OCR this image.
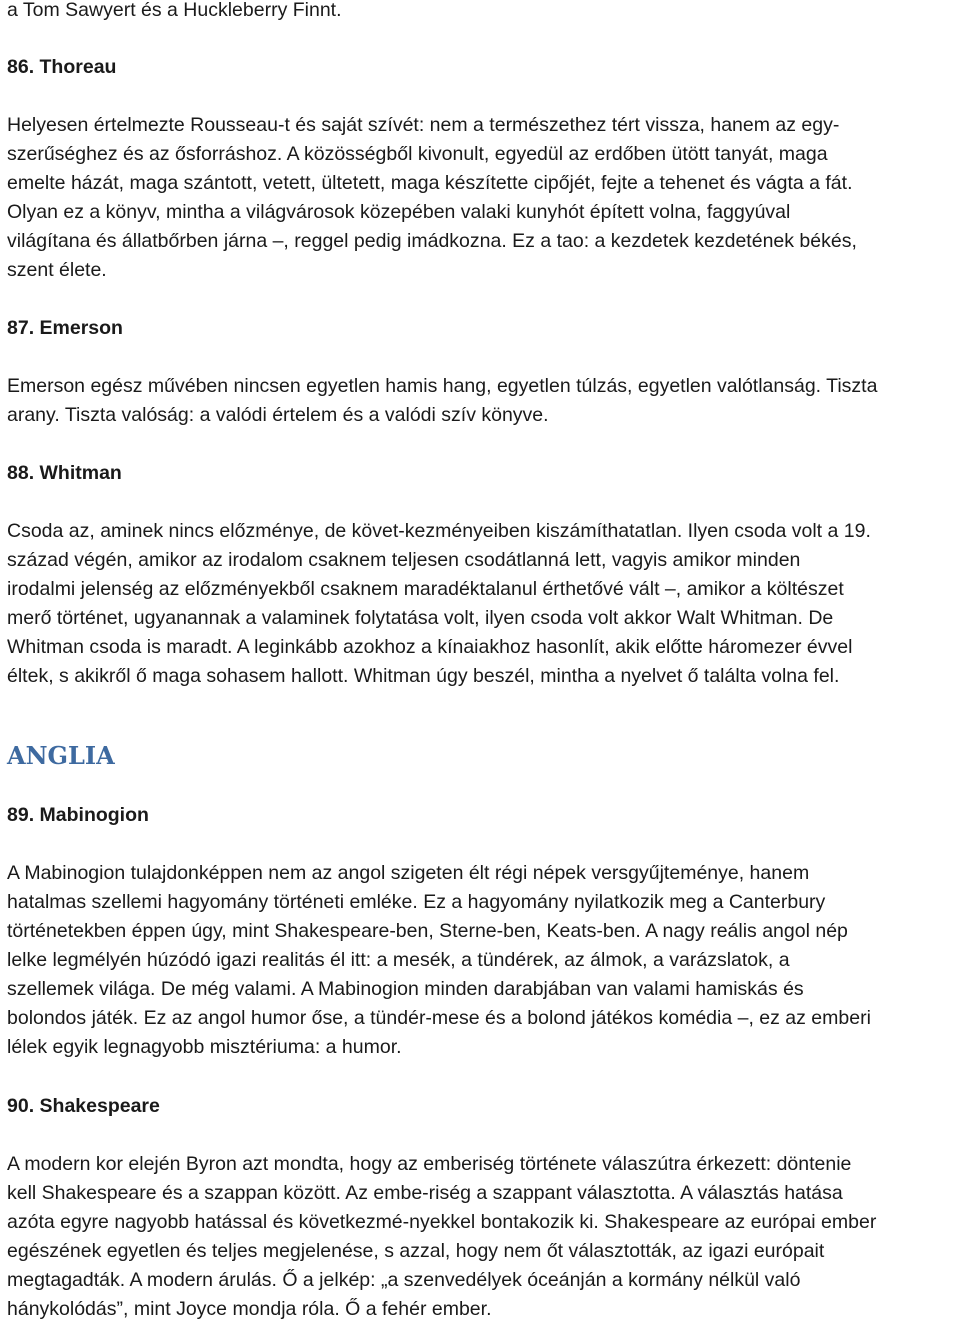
a Tom Sawyert és a Huckleberry Finnt.
86. Thoreau
Helyesen értelmezte Rousseau-t és saját szívét: nem a természethez tért vissza, hanem az egy-
szerűséghez és az ősforráshoz. A közösségből kivonult, egyedül az erdőben ütött tanyát, maga
emelte házát, maga szántott, vetett, ültetett, maga készítette cipőjét, fejte a tehenet és vágta a fát.
Olyan ez a könyv, mintha a világvárosok közepében valaki kunyhót épített volna, faggyúval
világítana és állatbőrben járna –, reggel pedig imádkozna. Ez a tao: a kezdetek kezdetének békés,
szent élete.
87. Emerson
Emerson egész művében nincsen egyetlen hamis hang, egyetlen túlzás, egyetlen valótlanság. Tiszta
arany. Tiszta valóság: a valódi értelem és a valódi szív könyve.
88. Whitman
Csoda az, aminek nincs előzménye, de követ-kezményeiben kiszámíthatatlan. Ilyen csoda volt a 19.
század végén, amikor az irodalom csaknem teljesen csodátlanná lett, vagyis amikor minden
irodalmi jelenség az előzményekből csaknem maradéktalanul érthetővé vált –, amikor a költészet
merő történet, ugyanannak a valaminek folytatása volt, ilyen csoda volt akkor Walt Whitman. De
Whitman csoda is maradt. A leginkább azokhoz a kínaiakhoz hasonlít, akik előtte háromezer évvel
éltek, s akikről ő maga sohasem hallott. Whitman úgy beszél, mintha a nyelvet ő találta volna fel.
ANGLIA
89. Mabinogion
A Mabinogion tulajdonképpen nem az angol szigeten élt régi népek versgyűjteménye, hanem
hatalmas szellemi hagyomány történeti emléke. Ez a hagyomány nyilatkozik meg a Canterbury
történetekben éppen úgy, mint Shakespeare-ben, Sterne-ben, Keats-ben. A nagy reális angol nép
lelke legmélyén húzódó igazi realitás él itt: a mesék, a tündérek, az álmok, a varázslatok, a
szellemek világa. De még valami. A Mabinogion minden darabjában van valami hamiskás és
bolondos játék. Ez az angol humor őse, a tündér-mese és a bolond játékos komédia –, ez az emberi
lélek egyik legnagyobb misztériuma: a humor.
90. Shakespeare
A modern kor elején Byron azt mondta, hogy az emberiség története válaszútra érkezett: döntenie
kell Shakespeare és a szappan között. Az embe-riség a szappant választotta. A választás hatása
azóta egyre nagyobb hatással és következmé-nyekkel bontakozik ki. Shakespeare az európai ember
egészének egyetlen és teljes megjelenése, s azzal, hogy nem őt választották, az igazi európait
megtagadták. A modern árulás. Ő a jelkép: „a szenvedélyek óceánján a kormány nélkül való
hánykolódás”, mint Joyce mondja róla. Ő a fehér ember.
